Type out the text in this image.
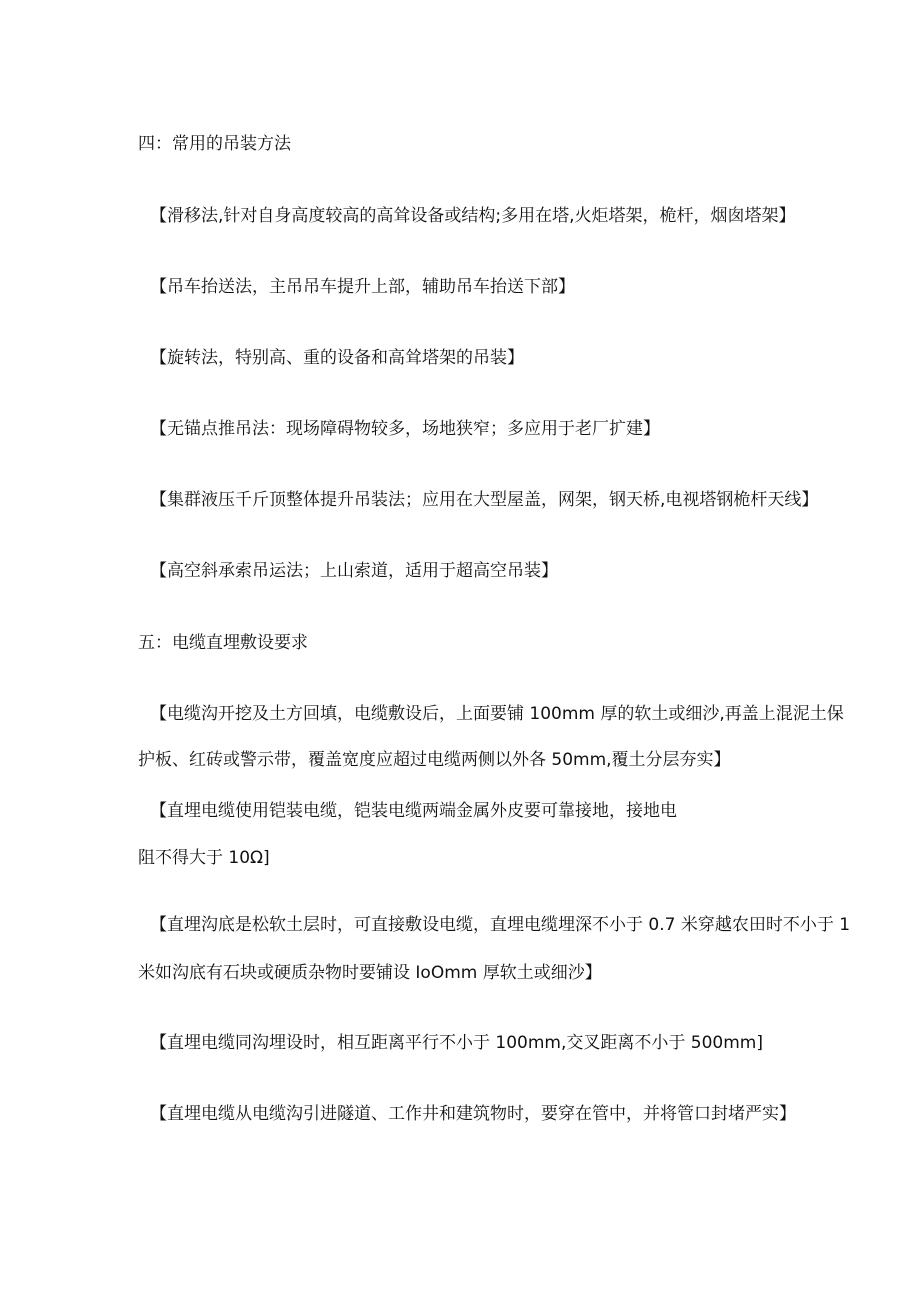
四：常用的吊装方法
【滑移法,针对自身高度较高的高耸设备或结构;多用在塔,火炬塔架，桅杆，烟囱塔架】
【吊车抬送法，主吊吊车提升上部，辅助吊车抬送下部】
【旋转法，特别高、重的设备和高耸塔架的吊装】
【无锚点推吊法：现场障碍物较多，场地狭窄；多应用于老厂扩建】
【集群液压千斤顶整体提升吊装法；应用在大型屋盖，网架，钢天桥,电视塔钢桅杆天线】
【高空斜承索吊运法；上山索道，适用于超高空吊装】
五：电缆直埋敷设要求
【电缆沟开挖及土方回填，电缆敷设后，上面要铺 100mm 厚的软土或细沙,再盖上混泥土保
护板、红砖或警示带，覆盖宽度应超过电缆两侧以外各 50mm,覆土分层夯实】
【直埋电缆使用铠装电缆，铠装电缆两端金属外皮要可靠接地，接地电
阻不得大于 10Ω]
【直埋沟底是松软土层时，可直接敷设电缆，直埋电缆埋深不小于 0.7 米穿越农田时不小于 1
米如沟底有石块或硬质杂物时要铺设 IoOmm 厚软土或细沙】
【直埋电缆同沟埋设时，相互距离平行不小于 100mm,交叉距离不小于 500mm]
【直埋电缆从电缆沟引进隧道、工作井和建筑物时，要穿在管中，并将管口封堵严实】
